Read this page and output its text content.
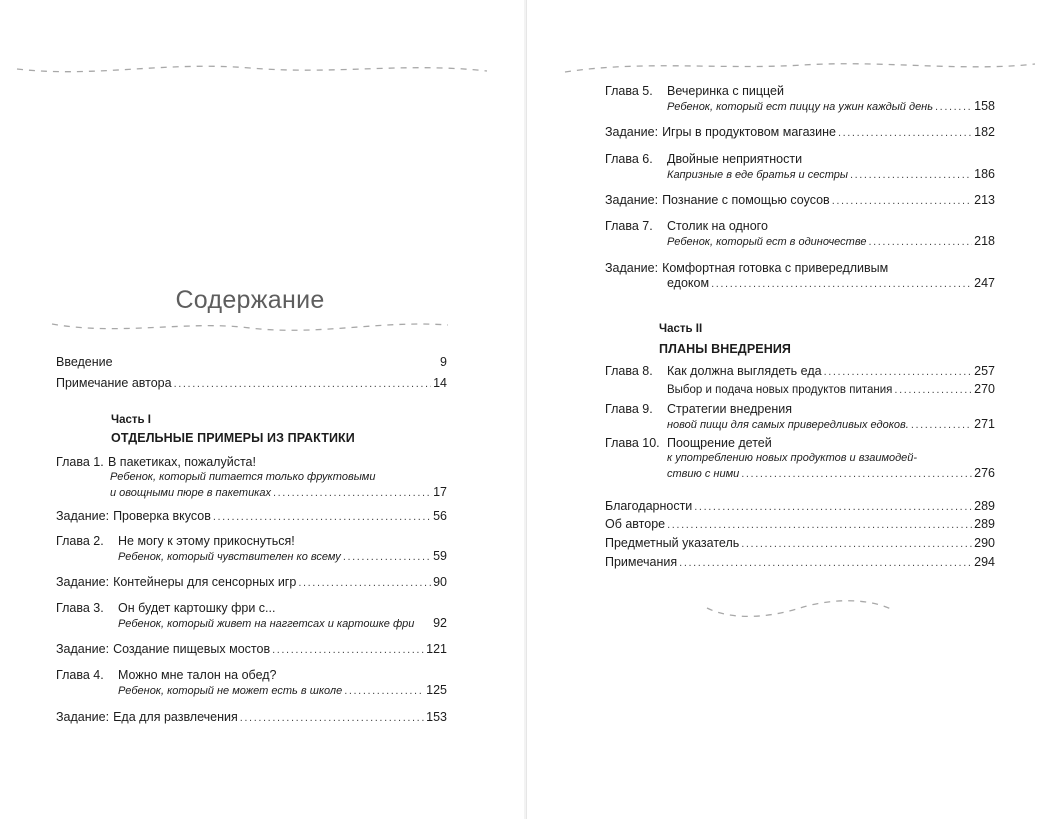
Содержание
Введение	9
Примечание автора .....	14
Часть I
ОТДЕЛЬНЫЕ ПРИМЕРЫ ИЗ ПРАКТИКИ
Глава 1. В пакетиках, пожалуйста!
Ребенок, который питается только фруктовыми
и овощными пюре в пакетиках .....	17
Задание: Проверка вкусов .....	56
Глава 2.	Не могу к этому прикоснуться!
Ребенок, который чувствителен ко всему .....	59
Задание: Контейнеры для сенсорных игр .....	90
Глава 3.	Он будет картошку фри с...
Ребенок, который живет на наггетсах и картошке фри 92
Задание: Создание пищевых мостов .....	121
Глава 4.	Можно мне талон на обед?
Ребенок, который не может есть в школе .....	125
Задание: Еда для развлечения .....	153
Глава 5.	Вечеринка с пиццей
Ребенок, который ест пиццу на ужин каждый день .....	158
Задание: Игры в продуктовом магазине .....	182
Глава 6.	Двойные неприятности
Капризные в еде братья и сестры .....	186
Задание: Познание с помощью соусов .....	213
Глава 7.	Столик на одного
Ребенок, который ест в одиночестве .....	218
Задание: Комфортная готовка с привередливым
едоком .....	247
Часть II
ПЛАНЫ ВНЕДРЕНИЯ
Глава 8.	Как должна выглядеть еда .....	257
Выбор и подача новых продуктов питания .....	270
Глава 9.	Стратегии внедрения
новой пищи для самых привередливых едоков. .....	271
Глава 10. Поощрение детей
к употреблению новых продуктов и взаимодей-
ствию с ними .....	276
Благодарности .....	289
Об авторе .....	289
Предметный указатель .....	290
Примечания .....	294
